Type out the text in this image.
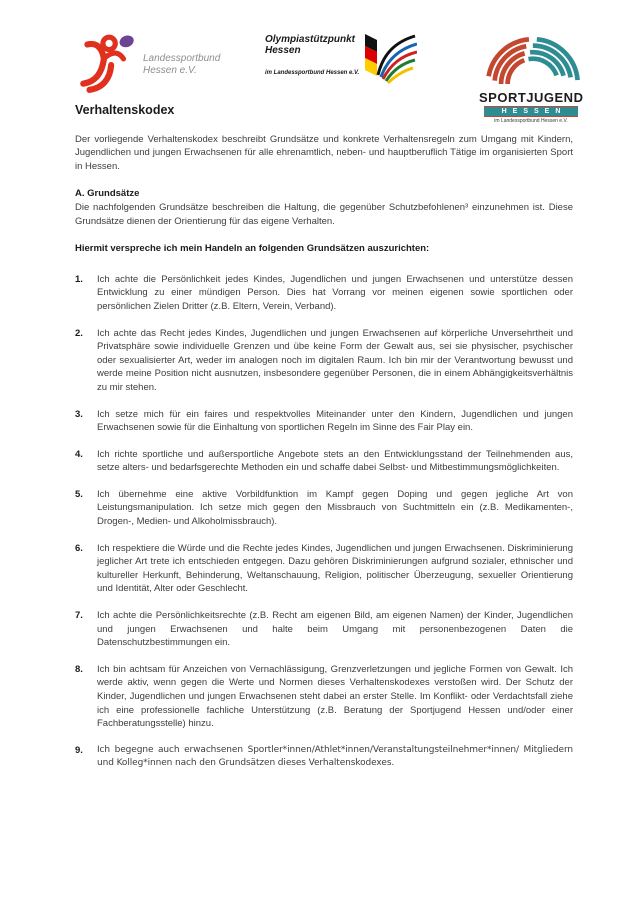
Landessportbund
Hessen e.V.
Olympiastützpunkt
Hessen
im Landessportbund Hessen e.V.
SPORTJUGEND
HESSEN
im Landessportbund Hessen e.V.
Verhaltenskodex

Der vorliegende Verhaltenskodex beschreibt Grundsätze und konkrete Verhaltensregeln zum Umgang mit Kindern, Jugendlichen und jungen Erwachsenen für alle ehrenamtlich, neben- und hauptberuflich Tätige im organisierten Sport in Hessen.

A. Grundsätze

Die nachfolgenden Grundsätze beschreiben die Haltung, die gegenüber Schutzbefohlenen³ einzunehmen ist. Diese Grundsätze dienen der Orientierung für das eigene Verhalten.

Hiermit verspreche ich mein Handeln an folgenden Grundsätzen auszurichten:

1.	Ich achte die Persönlichkeit jedes Kindes, Jugendlichen und jungen Erwachsenen und unterstütze dessen Entwicklung zu einer mündigen Person. Dies hat Vorrang vor meinen eigenen sowie sportlichen oder persönlichen Zielen Dritter (z.B. Eltern, Verein, Verband).
2.	Ich achte das Recht jedes Kindes, Jugendlichen und jungen Erwachsenen auf körperliche Unversehrtheit und Privatsphäre sowie individuelle Grenzen und übe keine Form der Gewalt aus, sei sie physischer, psychischer oder sexualisierter Art, weder im analogen noch im digitalen Raum. Ich bin mir der Verantwortung bewusst und werde meine Position nicht ausnutzen, insbesondere gegenüber Personen, die in einem Abhängigkeitsverhältnis zu mir stehen.
3.	Ich setze mich für ein faires und respektvolles Miteinander unter den Kindern, Jugendlichen und jungen Erwachsenen sowie für die Einhaltung von sportlichen Regeln im Sinne des Fair Play ein.
4.	Ich richte sportliche und außersportliche Angebote stets an den Entwicklungsstand der Teilnehmenden aus, setze alters- und bedarfsgerechte Methoden ein und schaffe dabei Selbst- und Mitbestimmungsmöglichkeiten.
5.	Ich übernehme eine aktive Vorbildfunktion im Kampf gegen Doping und gegen jegliche Art von Leistungsmanipulation. Ich setze mich gegen den Missbrauch von Suchtmitteln ein (z.B. Medikamenten-, Drogen-, Medien- und Alkoholmissbrauch).
6.	Ich respektiere die Würde und die Rechte jedes Kindes, Jugendlichen und jungen Erwachsenen. Diskriminierung jeglicher Art trete ich entschieden entgegen. Dazu gehören Diskriminierungen aufgrund sozialer, ethnischer und kultureller Herkunft, Behinderung, Weltanschauung, Religion, politischer Überzeugung, sexueller Orientierung und Identität, Alter oder Geschlecht.
7.	Ich achte die Persönlichkeitsrechte (z.B. Recht am eigenen Bild, am eigenen Namen) der Kinder, Jugendlichen und jungen Erwachsenen und halte beim Umgang mit personenbezogenen Daten die Datenschutzbestimmungen ein.
8.	Ich bin achtsam für Anzeichen von Vernachlässigung, Grenzverletzungen und jegliche Formen von Gewalt. Ich werde aktiv, wenn gegen die Werte und Normen dieses Verhaltenskodexes verstoßen wird. Der Schutz der Kinder, Jugendlichen und jungen Erwachsenen steht dabei an erster Stelle. Im Konflikt- oder Verdachtsfall ziehe ich eine professionelle fachliche Unterstützung (z.B. Beratung der Sportjugend Hessen und/oder einer Fachberatungsstelle) hinzu.
9.	Ich begegne auch erwachsenen Sportler*innen/Athlet*innen/Veranstaltungsteilnehmer*innen/ Mitgliedern und Kolleg*innen nach den Grundsätzen dieses Verhaltenskodexes.
